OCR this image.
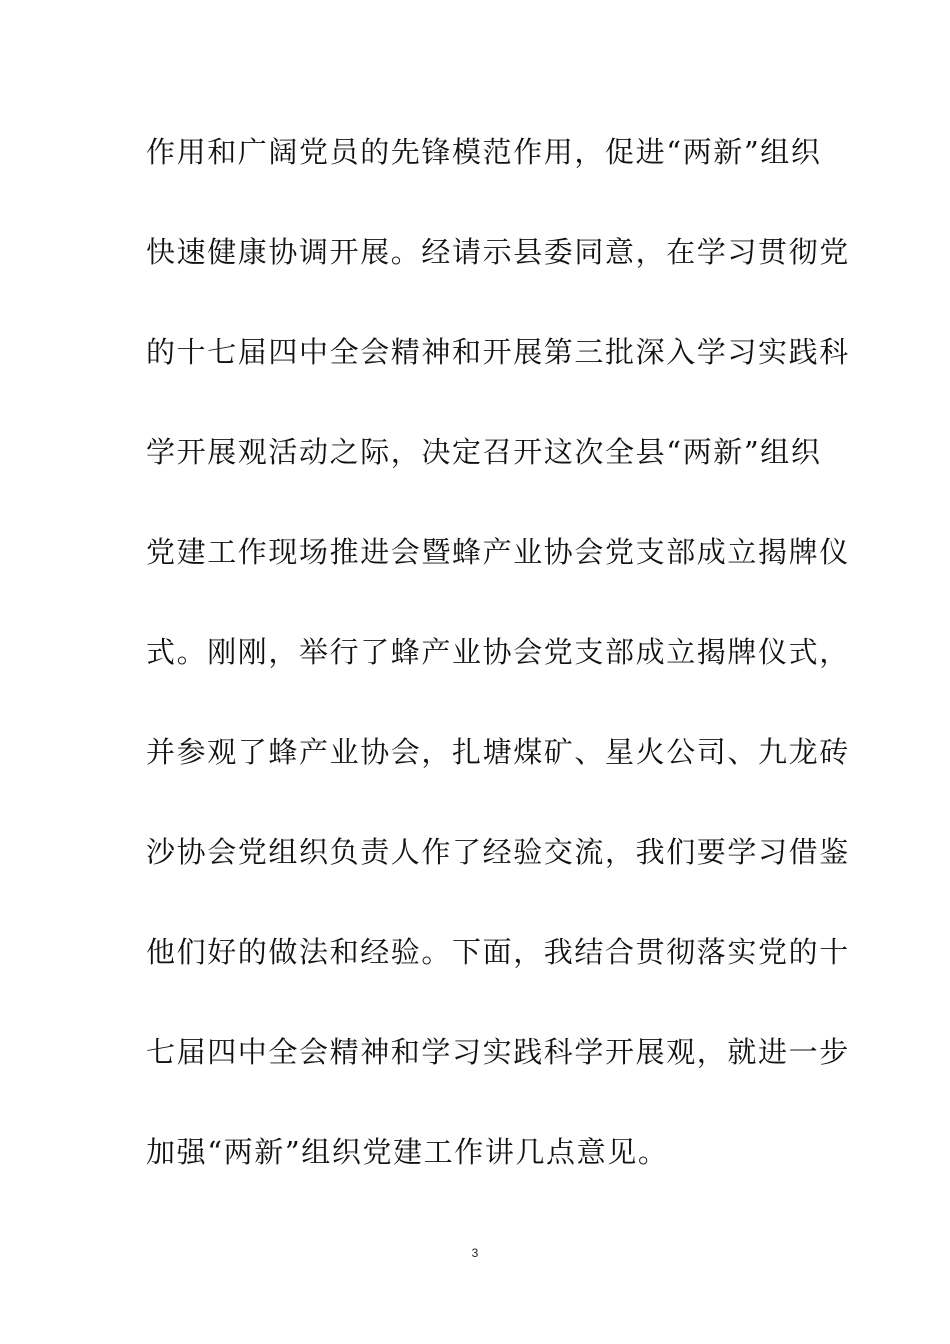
作用和广阔党员的先锋模范作用，促进“两新”组织
快速健康协调开展。经请示县委同意，在学习贯彻党
的十七届四中全会精神和开展第三批深入学习实践科
学开展观活动之际，决定召开这次全县“两新”组织
党建工作现场推进会暨蜂产业协会党支部成立揭牌仪
式。刚刚，举行了蜂产业协会党支部成立揭牌仪式，
并参观了蜂产业协会，扎塘煤矿、星火公司、九龙砖
沙协会党组织负责人作了经验交流，我们要学习借鉴
他们好的做法和经验。下面，我结合贯彻落实党的十
七届四中全会精神和学习实践科学开展观，就进一步
加强“两新”组织党建工作讲几点意见。
3
